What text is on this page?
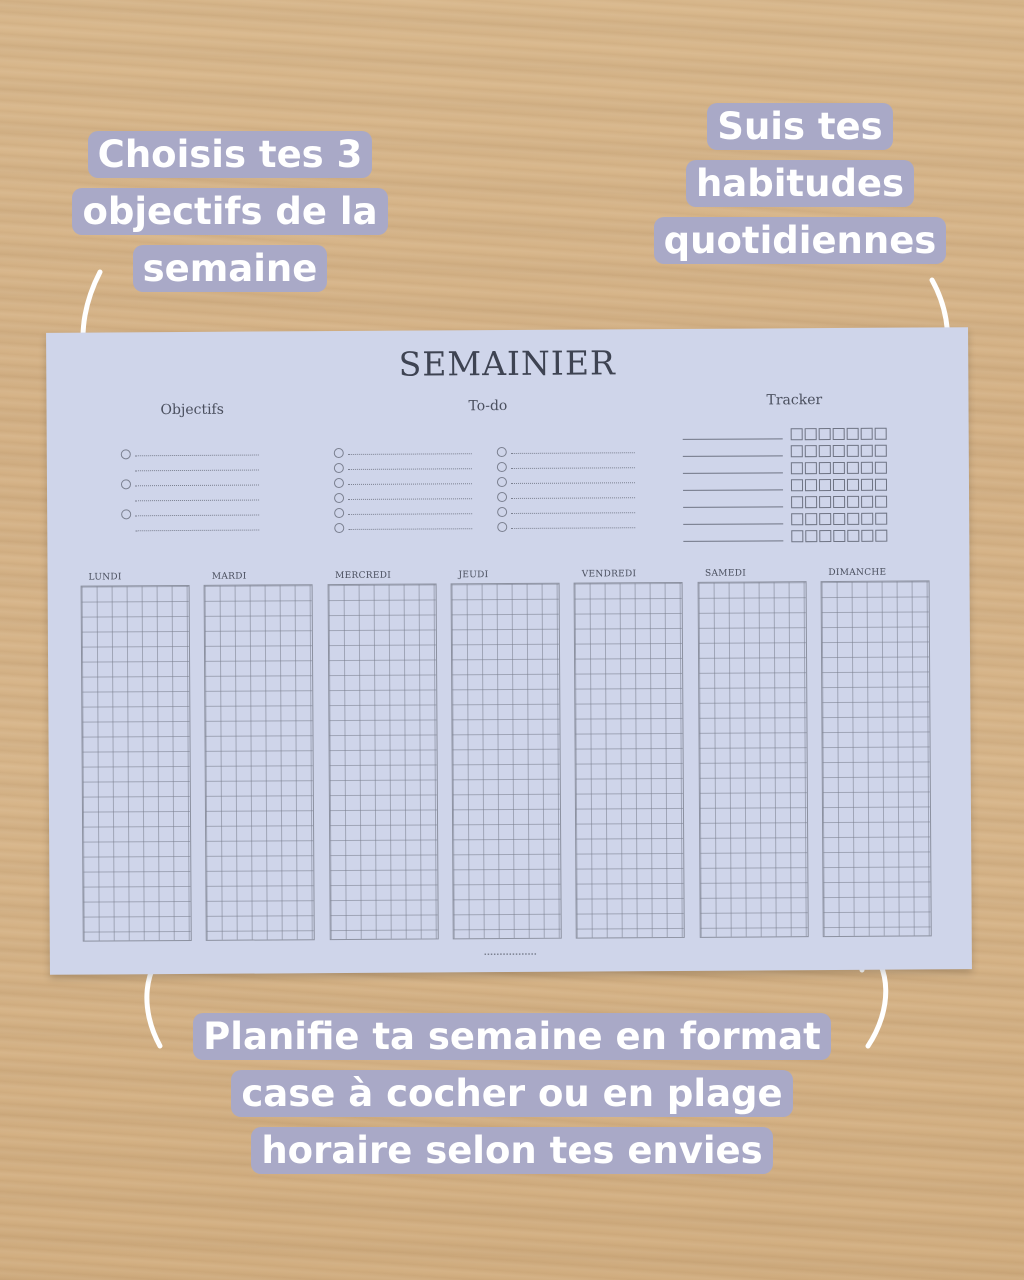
Choisis tes 3 objectifs de la semaine
Suis tes habitudes quotidiennes
Planifie ta semaine en format case à cocher ou en plage horaire selon tes envies
SEMAINIER
Objectifs	To-do	Tracker
LUNDI	MARDI	MERCREDI	JEUDI	VENDREDI	SAMEDI	DIMANCHE
▪▪▪▪▪▪▪▪▪▪▪▪▪▪▪▪▪
